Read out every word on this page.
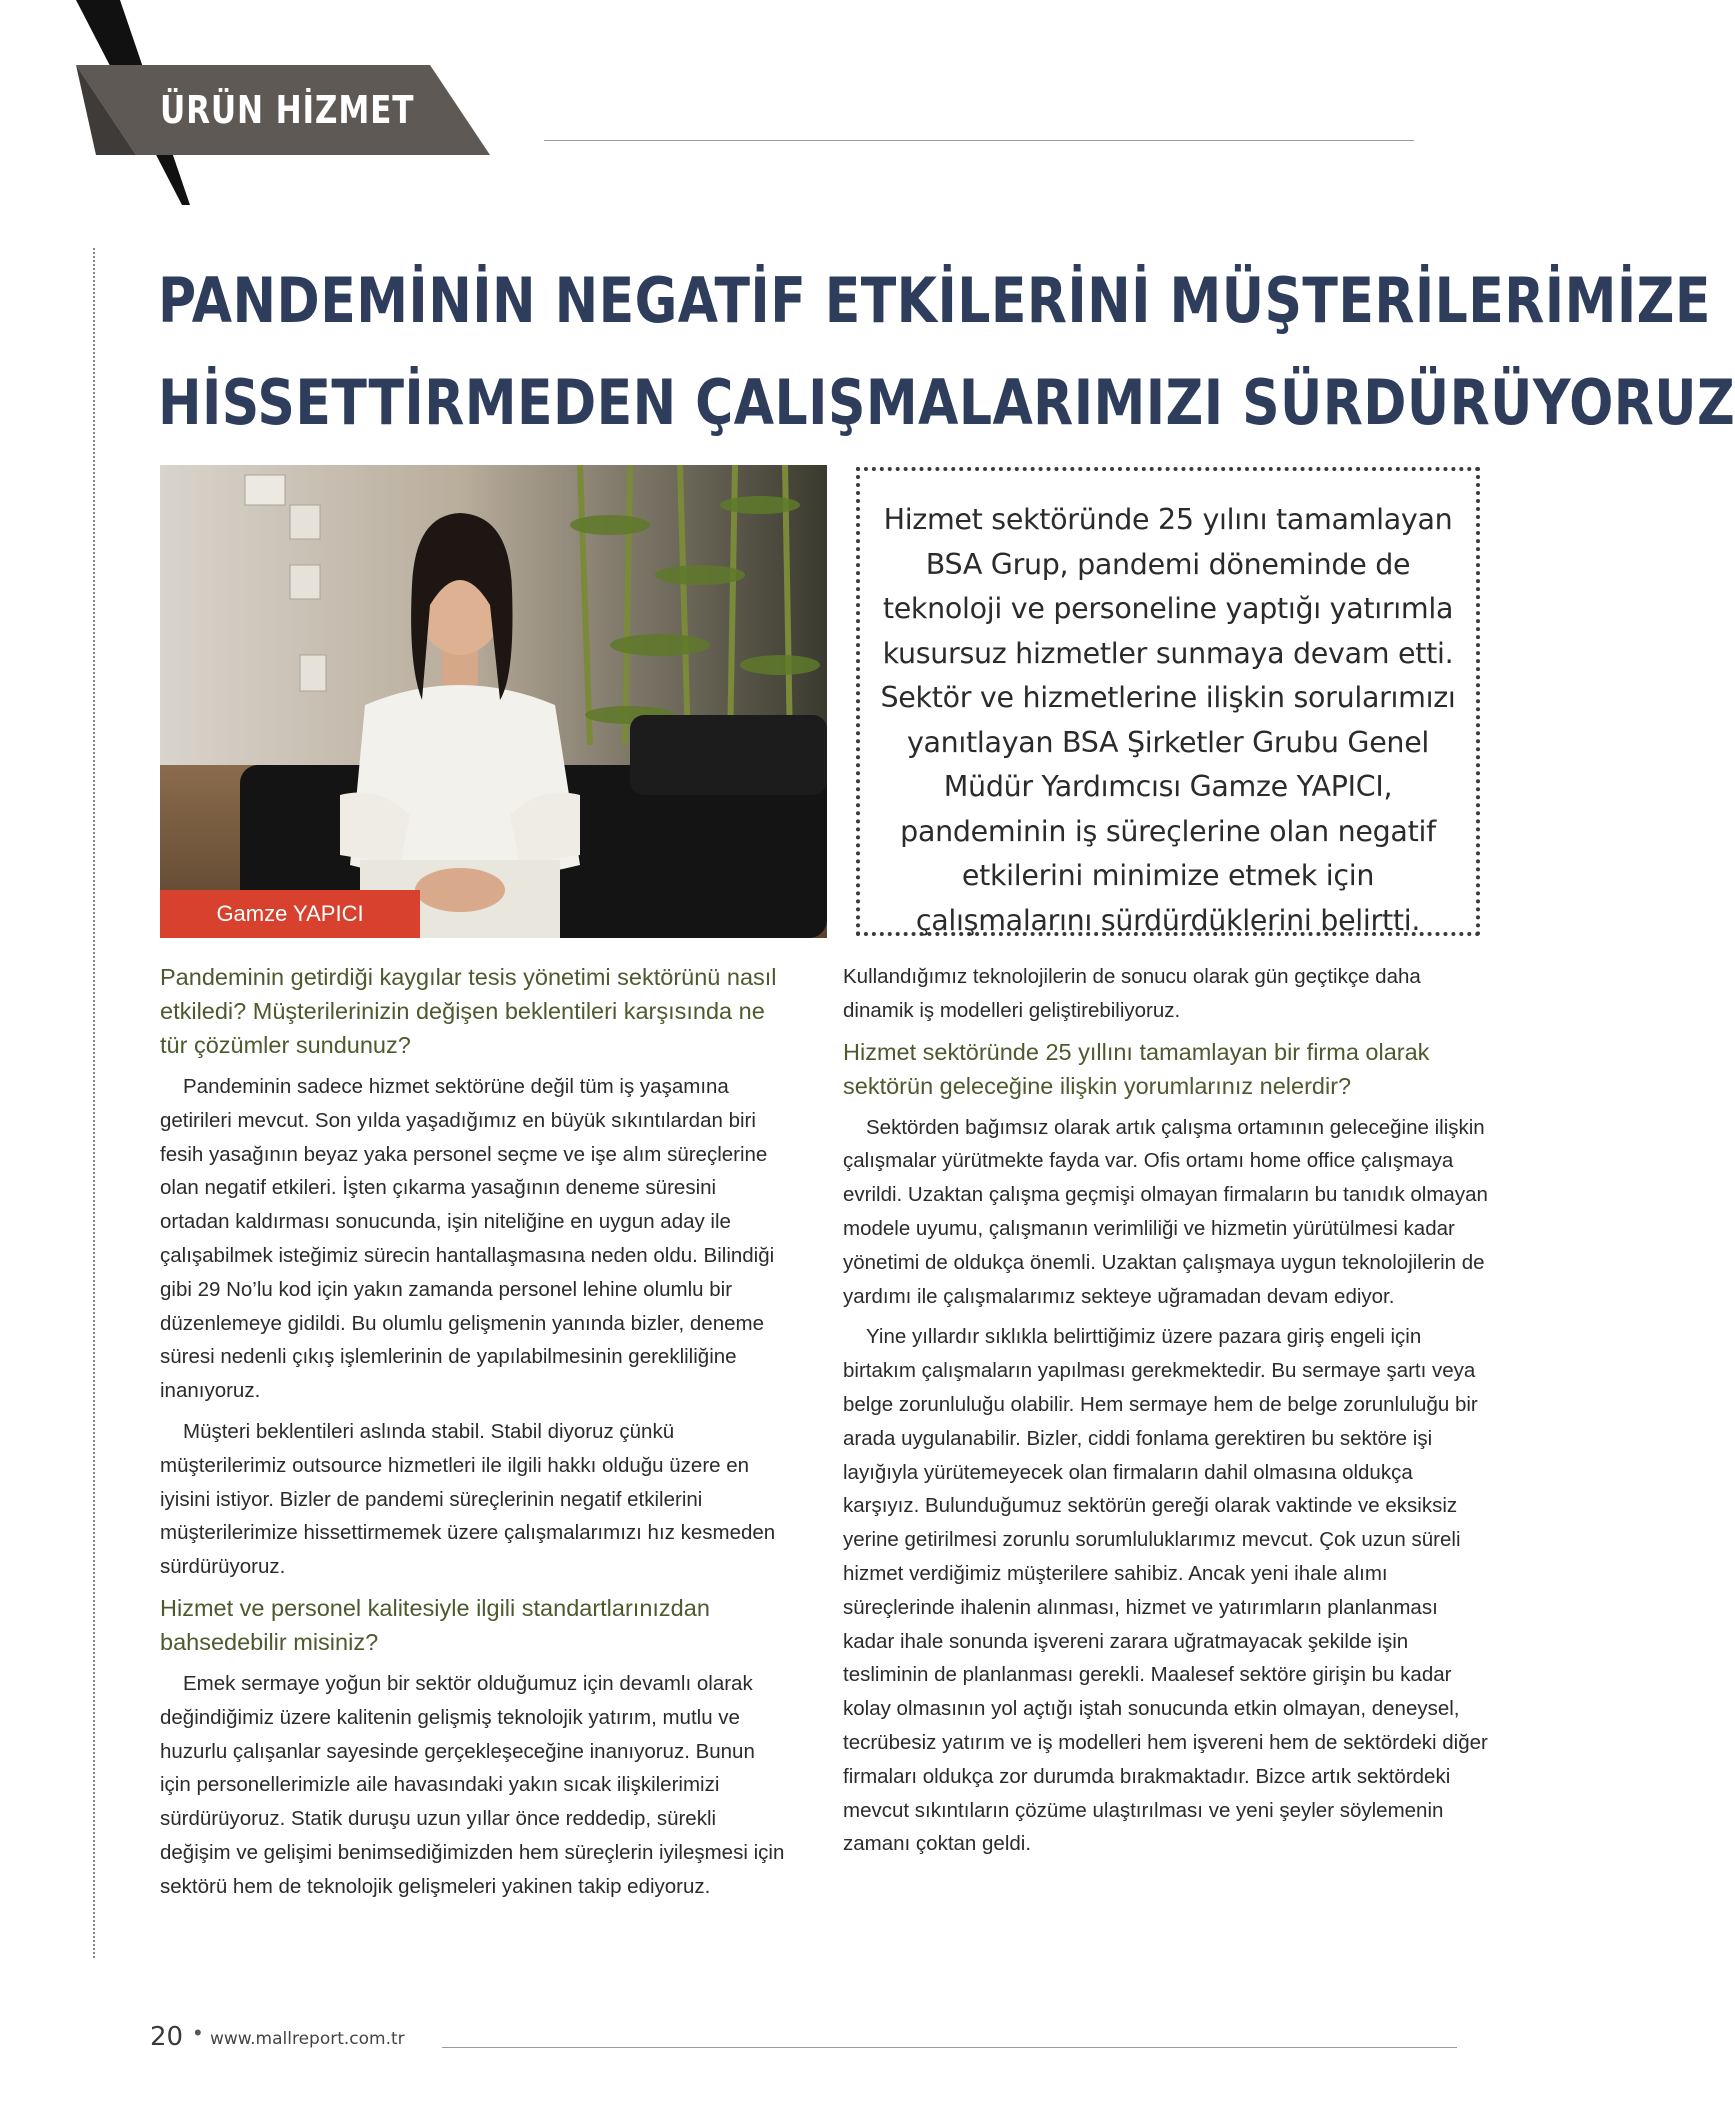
ÜRÜN HİZMET
PANDEMİNİN NEGATİF ETKİLERİNİ MÜŞTERİLERİMİZE
HİSSETTİRMEDEN ÇALIŞMALARIMIZI SÜRDÜRÜYORUZ
Gamze YAPICI
Hizmet sektöründe 25 yılını tamamlayan BSA Grup, pandemi döneminde de teknoloji ve personeline yaptığı yatırımla kusursuz hizmetler sunmaya devam etti. Sektör ve hizmetlerine ilişkin sorularımızı yanıtlayan BSA Şirketler Grubu Genel Müdür Yardımcısı Gamze YAPICI, pandeminin iş süreçlerine olan negatif etkilerini minimize etmek için çalışmalarını sürdürdüklerini belirtti.
Pandeminin getirdiği kaygılar tesis yönetimi sektörünü nasıl etkiledi? Müşterilerinizin değişen beklentileri karşısında ne tür çözümler sundunuz?
Pandeminin sadece hizmet sektörüne değil tüm iş yaşamına getirileri mevcut. Son yılda yaşadığımız en büyük sıkıntılardan biri fesih yasağının beyaz yaka personel seçme ve işe alım süreçlerine olan negatif etkileri. İşten çıkarma yasağının deneme süresini ortadan kaldırması sonucunda, işin niteliğine en uygun aday ile çalışabilmek isteğimiz sürecin hantallaşmasına neden oldu. Bilindiği gibi 29 No’lu kod için yakın zamanda personel lehine olumlu bir düzenlemeye gidildi. Bu olumlu gelişmenin yanında bizler, deneme süresi nedenli çıkış işlemlerinin de yapılabilmesinin gerekliliğine inanıyoruz.
Müşteri beklentileri aslında stabil. Stabil diyoruz çünkü müşterilerimiz outsource hizmetleri ile ilgili hakkı olduğu üzere en iyisini istiyor. Bizler de pandemi süreçlerinin negatif etkilerini müşterilerimize hissettirmemek üzere çalışmalarımızı hız kesmeden sürdürüyoruz.
Hizmet ve personel kalitesiyle ilgili standartlarınızdan bahsedebilir misiniz?
Emek sermaye yoğun bir sektör olduğumuz için devamlı olarak değindiğimiz üzere kalitenin gelişmiş teknolojik yatırım, mutlu ve huzurlu çalışanlar sayesinde gerçekleşeceğine inanıyoruz. Bunun için personellerimizle aile havasındaki yakın sıcak ilişkilerimizi sürdürüyoruz. Statik duruşu uzun yıllar önce reddedip, sürekli değişim ve gelişimi benimsediğimizden hem süreçlerin iyileşmesi için sektörü hem de teknolojik gelişmeleri yakinen takip ediyoruz.
Kullandığımız teknolojilerin de sonucu olarak gün geçtikçe daha dinamik iş modelleri geliştirebiliyoruz.
Hizmet sektöründe 25 yıllını tamamlayan bir firma olarak sektörün geleceğine ilişkin yorumlarınız nelerdir?
Sektörden bağımsız olarak artık çalışma ortamının geleceğine ilişkin çalışmalar yürütmekte fayda var. Ofis ortamı home office çalışmaya evrildi. Uzaktan çalışma geçmişi olmayan firmaların bu tanıdık olmayan modele uyumu, çalışmanın verimliliği ve hizmetin yürütülmesi kadar yönetimi de oldukça önemli. Uzaktan çalışmaya uygun teknolojilerin de yardımı ile çalışmalarımız sekteye uğramadan devam ediyor.
Yine yıllardır sıklıkla belirttiğimiz üzere pazara giriş engeli için birtakım çalışmaların yapılması gerekmektedir. Bu sermaye şartı veya belge zorunluluğu olabilir. Hem sermaye hem de belge zorunluluğu bir arada uygulanabilir. Bizler, ciddi fonlama gerektiren bu sektöre işi layığıyla yürütemeyecek olan firmaların dahil olmasına oldukça karşıyız. Bulunduğumuz sektörün gereği olarak vaktinde ve eksiksiz yerine getirilmesi zorunlu sorumluluklarımız mevcut. Çok uzun süreli hizmet verdiğimiz müşterilere sahibiz. Ancak yeni ihale alımı süreçlerinde ihalenin alınması, hizmet ve yatırımların planlanması kadar ihale sonunda işvereni zarara uğratmayacak şekilde işin tesliminin de planlanması gerekli. Maalesef sektöre girişin bu kadar kolay olmasının yol açtığı iştah sonucunda etkin olmayan, deneysel, tecrübesiz yatırım ve iş modelleri hem işvereni hem de sektördeki diğer firmaları oldukça zor durumda bırakmaktadır. Bizce artık sektördeki mevcut sıkıntıların çözüme ulaştırılması ve yeni şeyler söylemenin zamanı çoktan geldi.
20 • www.mallreport.com.tr
